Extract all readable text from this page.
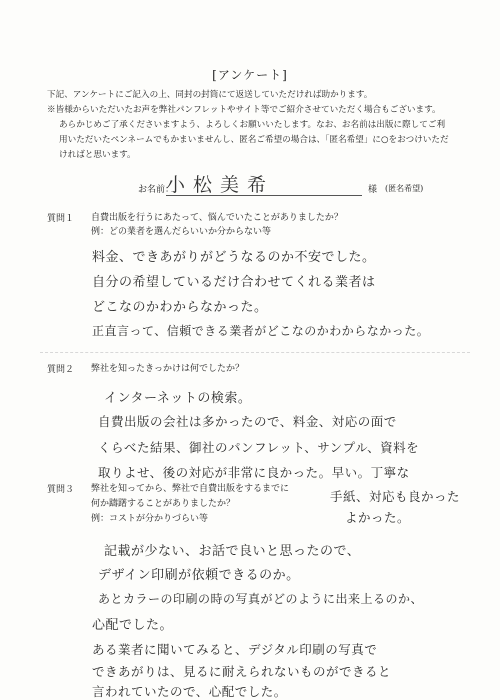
[アンケート]
下記、アンケートにご記入の上、同封の封筒にて返送していただければ助かります。
※皆様からいただいたお声を弊社パンフレットやサイト等でご紹介させていただく場合もございます。
あらかじめご了承くださいますよう、よろしくお願いいたします。なお、お名前は出版に際してご利
用いただいたペンネームでもかまいませんし、匿名ご希望の場合は、「匿名希望」に○をおつけいただ
ければと思います。
お名前：
小松美希	様 (匿名希望)
質問１ 自費出版を行うにあたって、悩んでいたことがありましたか？
例：どの業者を選んだらいいか分からない等
料金、できあがりがどうなるのか不安でした。
自分の希望しているだけ合わせてくれる業者は
どこなのかわからなかった。
正直言って、信頼できる業者がどこなのかわからなかった。
質問２ 弊社を知ったきっかけは何でしたか？
インターネットの検索。
自費出版の会社は多かったので、料金、対応の面で
くらべた結果、御社のパンフレット、サンプル、資料を
取りよせ、後の対応が非常に良かった。早い。丁寧な
質問３ 弊社を知ってから、弊社で自費出版をするまでに
何か躊躇することがありましたか？
例：コストが分かりづらい等
手紙、対応も良かった
よかった。
記載が少ない、お話で良いと思ったので、
デザイン印刷が依頼できるのか。
あとカラーの印刷の時の写真がどのように出来上るのか、
心配でした。
ある業者に聞いてみると、デジタル印刷の写真で
できあがりは、見るに耐えられないものができると
言われていたので、心配でした。
